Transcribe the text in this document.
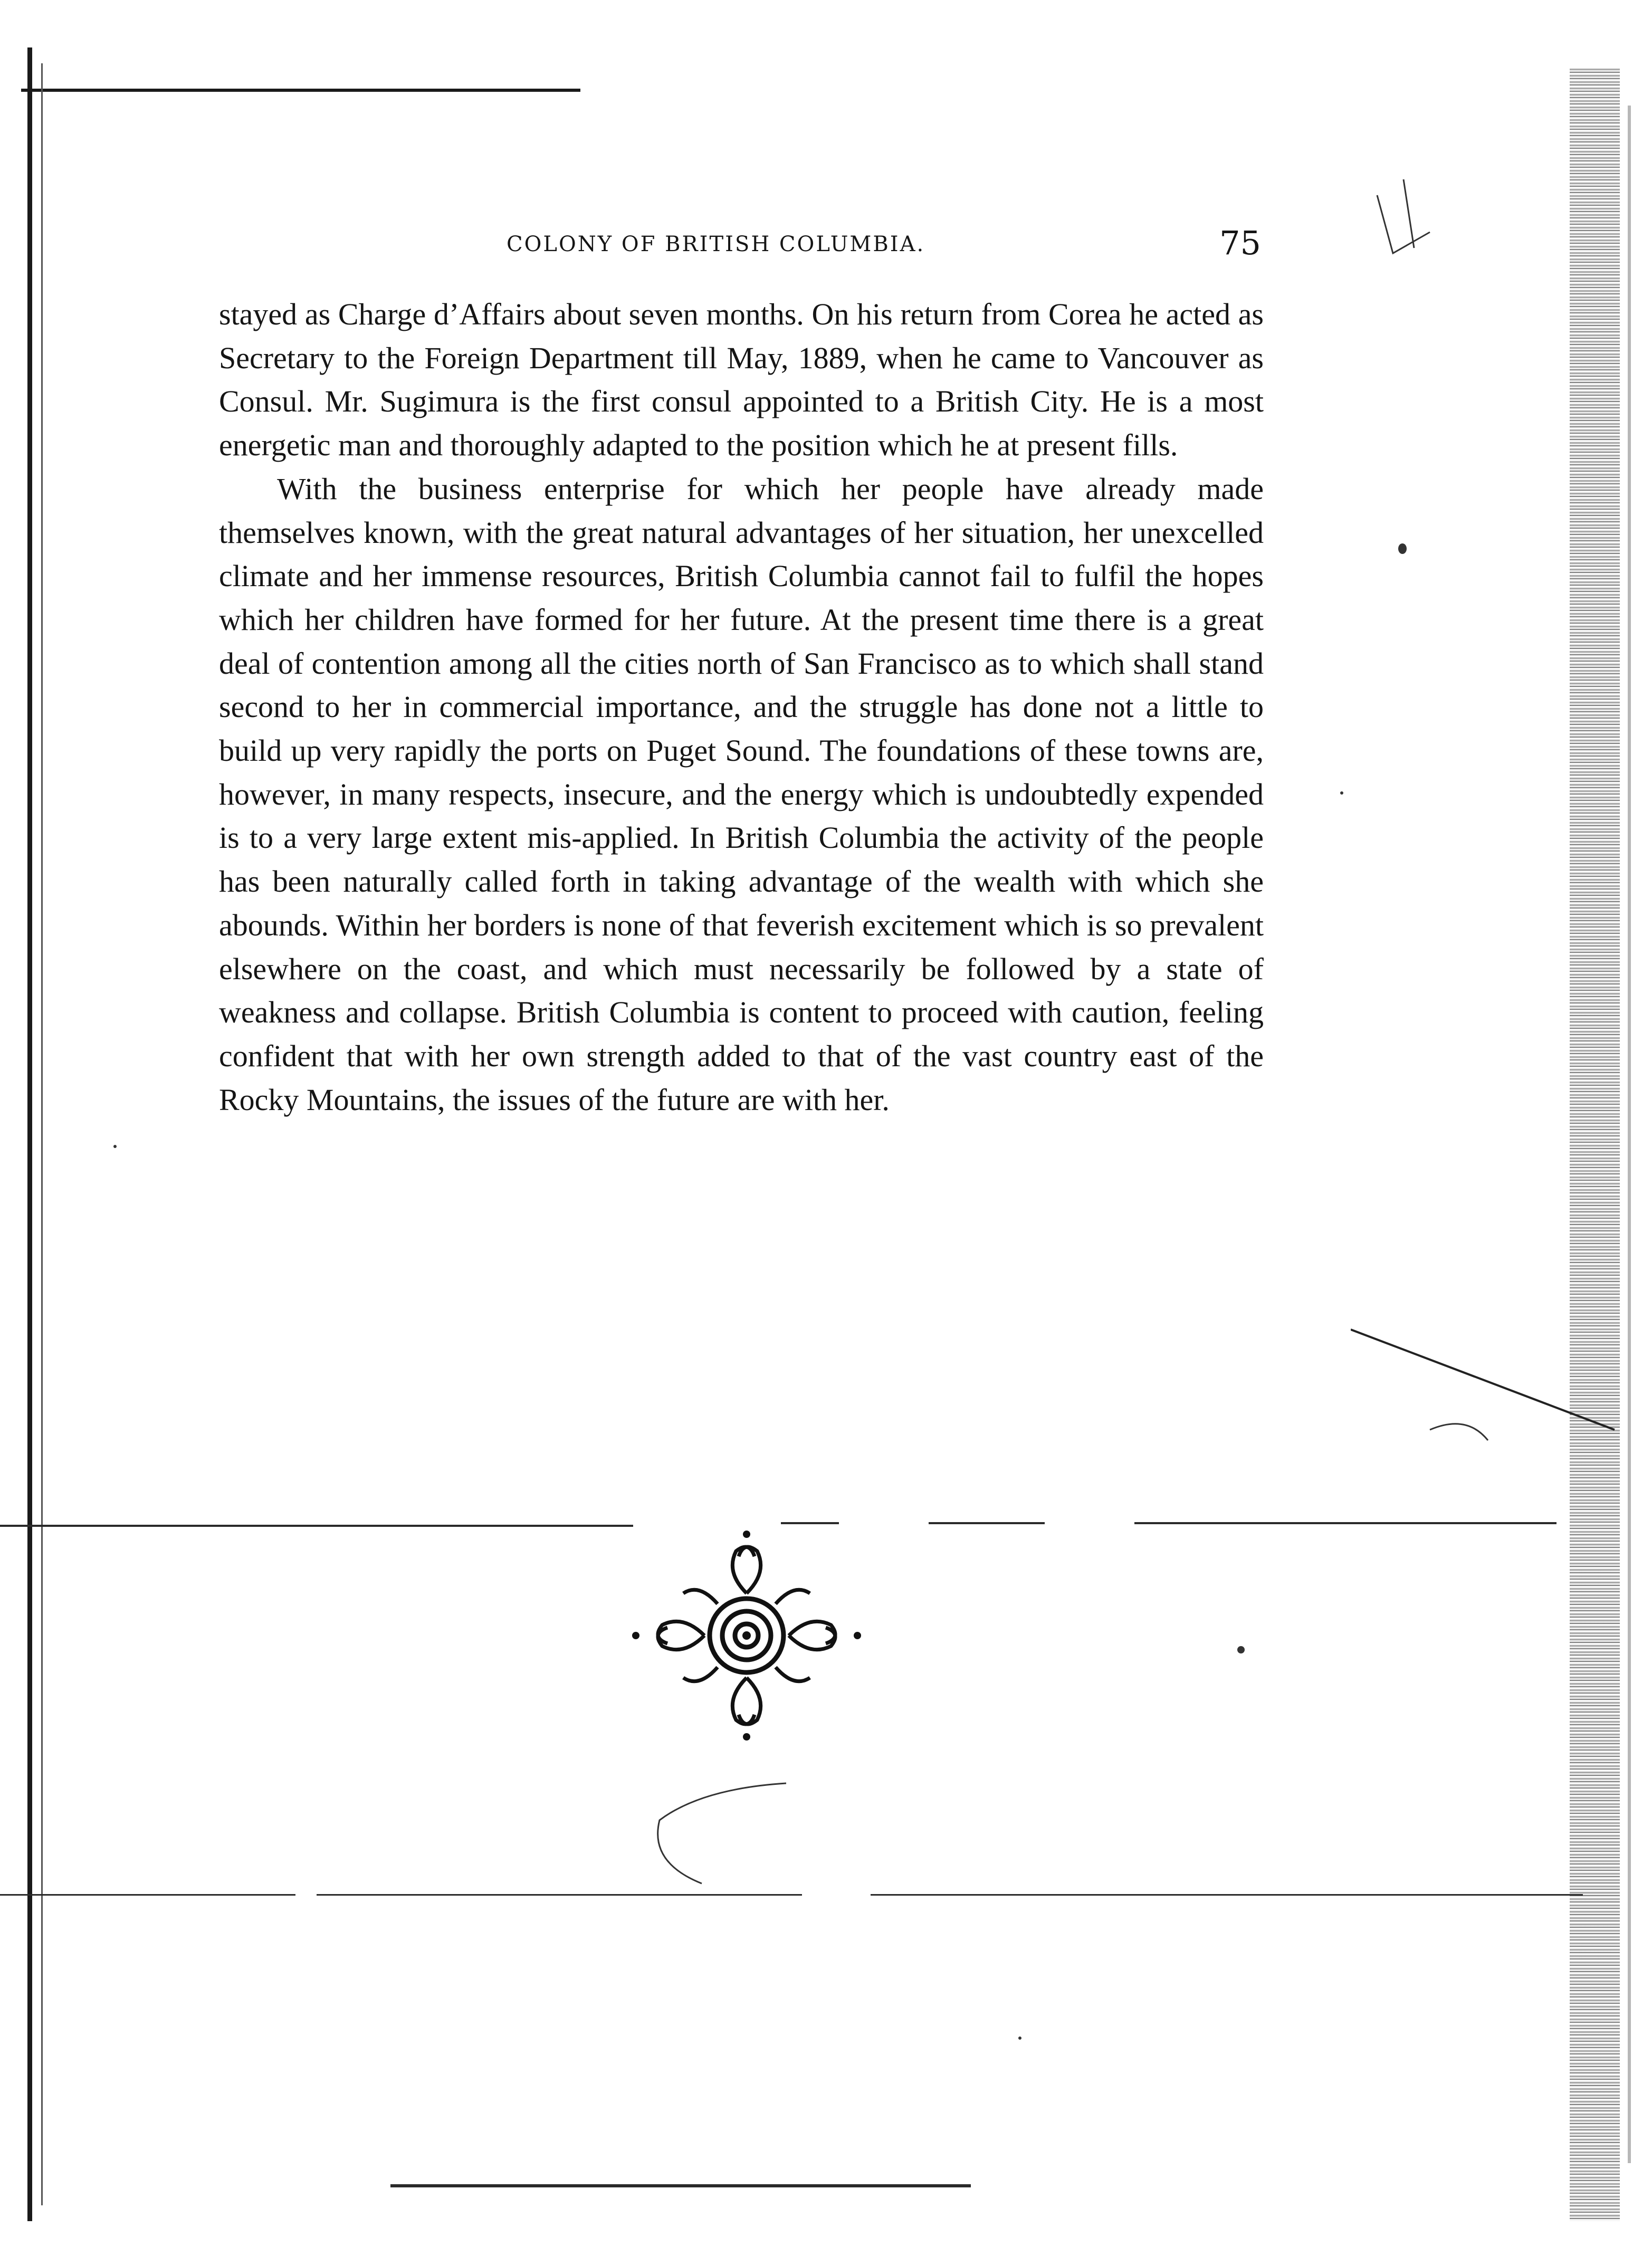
COLONY OF BRITISH COLUMBIA.	75

stayed as Charge d’Affairs about seven months. On his return from Corea he acted as Secretary to the Foreign Department till May, 1889, when he came to Vancouver as Consul. Mr. Sugimura is the first consul appointed to a British City. He is a most energetic man and thoroughly adapted to the position which he at present fills.

With the business enterprise for which her people have already made themselves known, with the great natural advantages of her situation, her unexcelled climate and her immense resources, British Columbia cannot fail to fulfil the hopes which her children have formed for her future. At the present time there is a great deal of contention among all the cities north of San Francisco as to which shall stand second to her in commercial importance, and the struggle has done not a little to build up very rapidly the ports on Puget Sound. The foundations of these towns are, however, in many respects, insecure, and the energy which is undoubtedly expended is to a very large extent mis-applied. In British Columbia the activity of the people has been naturally called forth in taking advantage of the wealth with which she abounds. Within her borders is none of that feverish excitement which is so prevalent elsewhere on the coast, and which must necessarily be followed by a state of weakness and collapse. British Columbia is content to proceed with caution, feeling confident that with her own strength added to that of the vast country east of the Rocky Mountains, the issues of the future are with her.
